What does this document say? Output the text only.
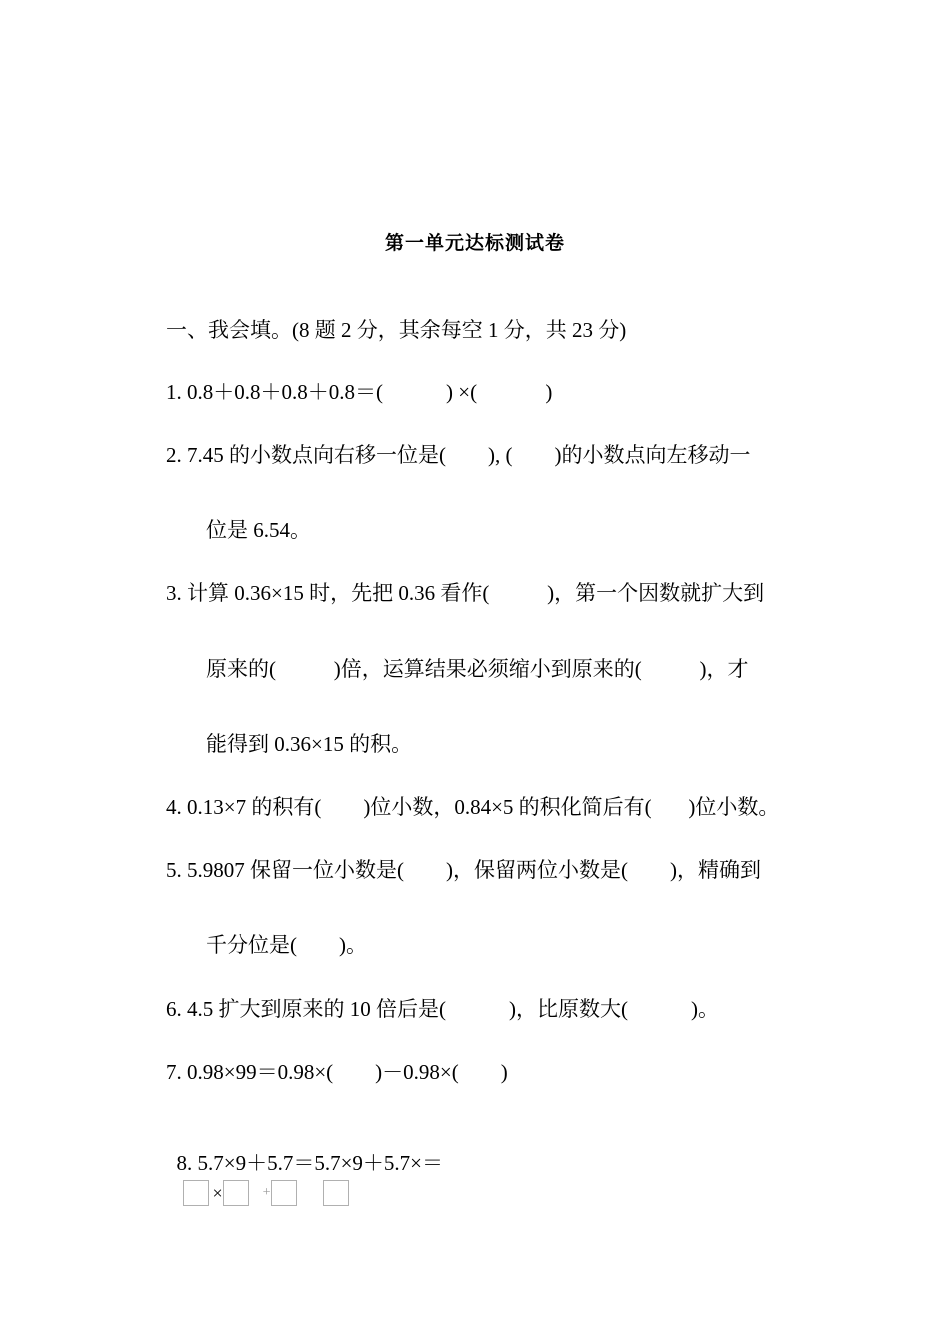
第一单元达标测试卷
一、我会填。(8 题 2 分，其余每空 1 分，共 23 分)
1. 0.8＋0.8＋0.8＋0.8＝(            ) ×(             )
2. 7.45 的小数点向右移一位是(        ), (        )的小数点向左移动一
位是 6.54。
3. 计算 0.36×15 时，先把 0.36 看作(           )，第一个因数就扩大到
原来的(           )倍，运算结果必须缩小到原来的(           )，才
能得到 0.36×15 的积。
4. 0.13×7 的积有(        )位小数，0.84×5 的积化简后有(       )位小数。
5. 5.9807 保留一位小数是(        )，保留两位小数是(        )，精确到
千分位是(        )。
6. 4.5 扩大到原来的 10 倍后是(            )，比原数大(            )。
7. 0.98×99＝0.98×(        )－0.98×(        )

8. 5.7×9＋5.7＝5.7×9＋5.7×＝
×	+
